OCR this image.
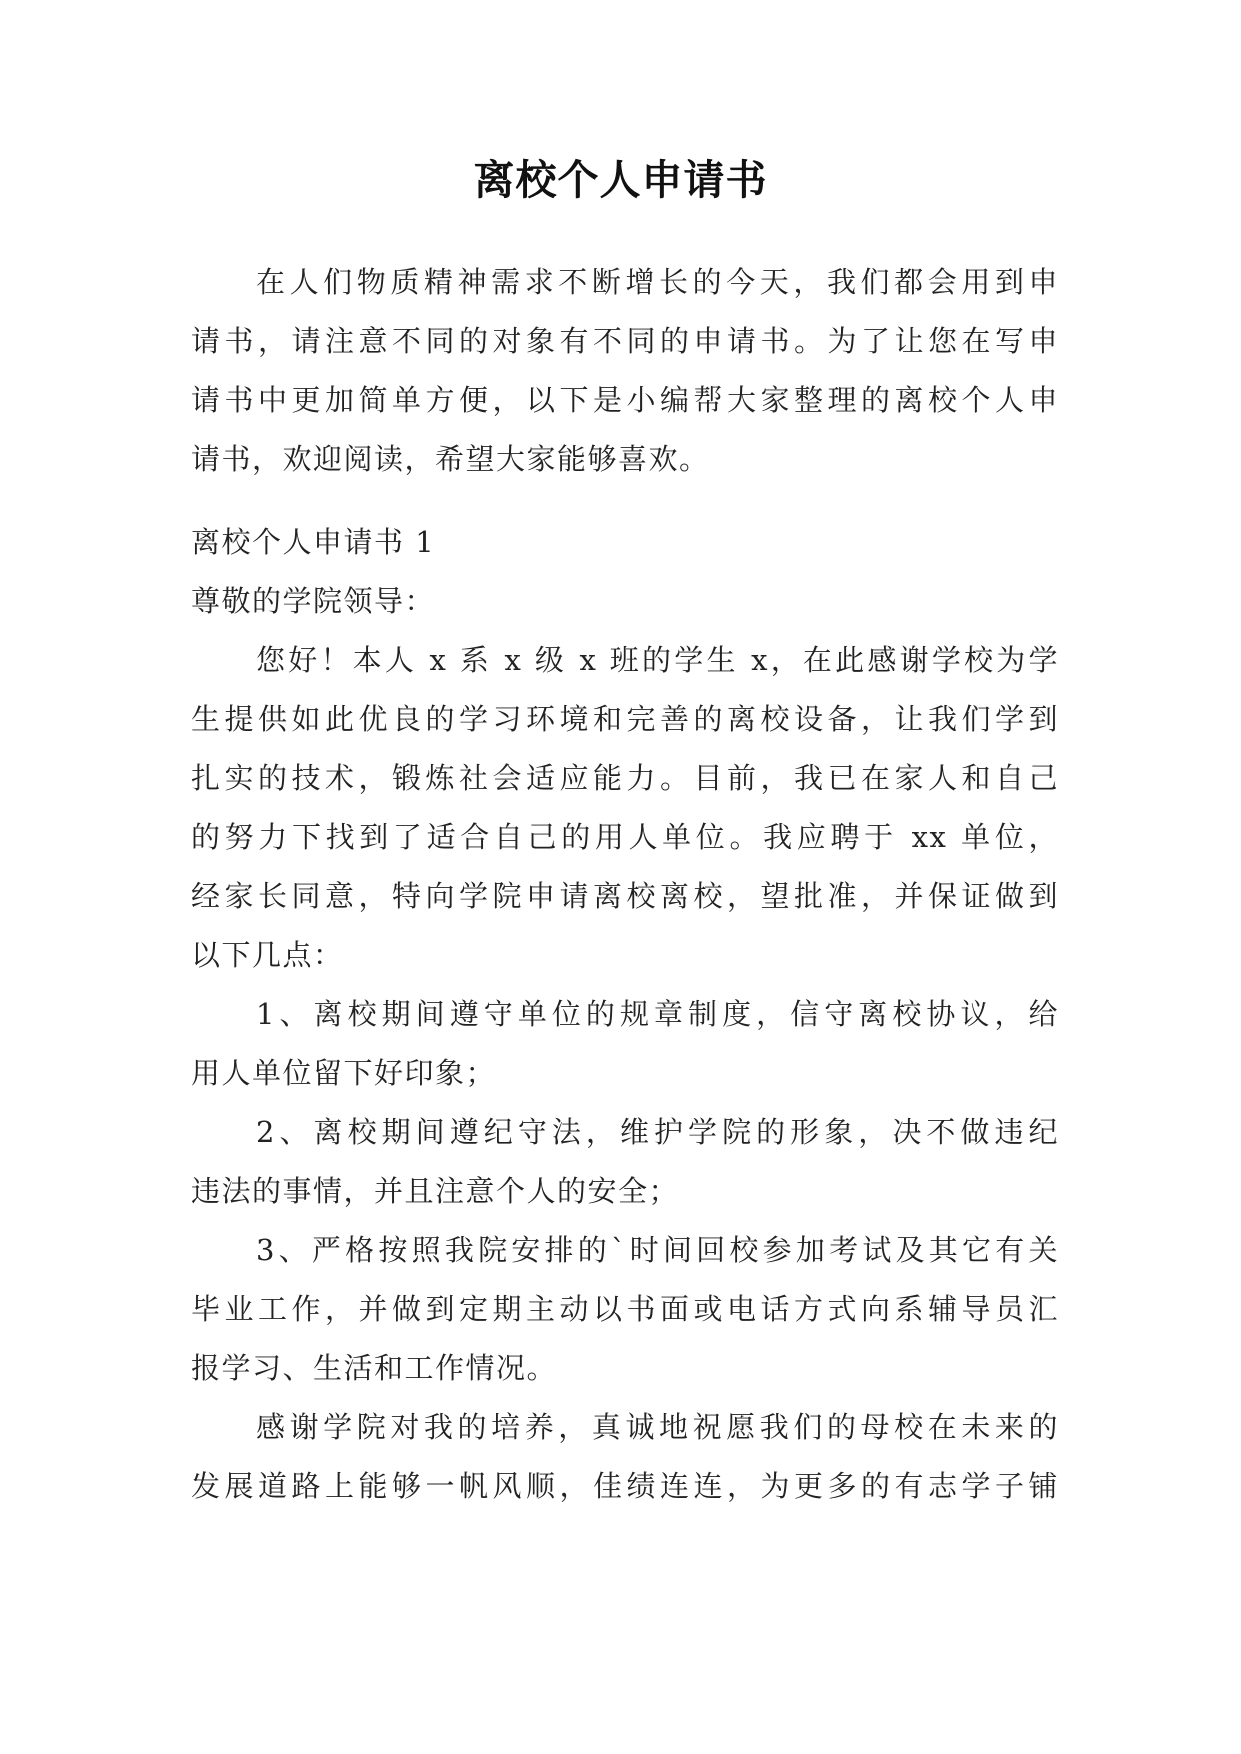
离校个人申请书
在人们物质精神需求不断增长的今天，我们都会用到申
请书，请注意不同的对象有不同的申请书。为了让您在写申
请书中更加简单方便，以下是小编帮大家整理的离校个人申
请书，欢迎阅读，希望大家能够喜欢。
离校个人申请书 1
尊敬的学院领导：
您好！本人 x 系 x 级 x 班的学生 x，在此感谢学校为学
生提供如此优良的学习环境和完善的离校设备，让我们学到
扎实的技术，锻炼社会适应能力。目前，我已在家人和自己
的努力下找到了适合自己的用人单位。我应聘于 xx 单位，
经家长同意，特向学院申请离校离校，望批准，并保证做到
以下几点：
1、离校期间遵守单位的规章制度，信守离校协议，给
用人单位留下好印象；
2、离校期间遵纪守法，维护学院的形象，决不做违纪
违法的事情，并且注意个人的安全；
3、严格按照我院安排的`时间回校参加考试及其它有关
毕业工作，并做到定期主动以书面或电话方式向系辅导员汇
报学习、生活和工作情况。
感谢学院对我的培养，真诚地祝愿我们的母校在未来的
发展道路上能够一帆风顺，佳绩连连，为更多的有志学子铺
